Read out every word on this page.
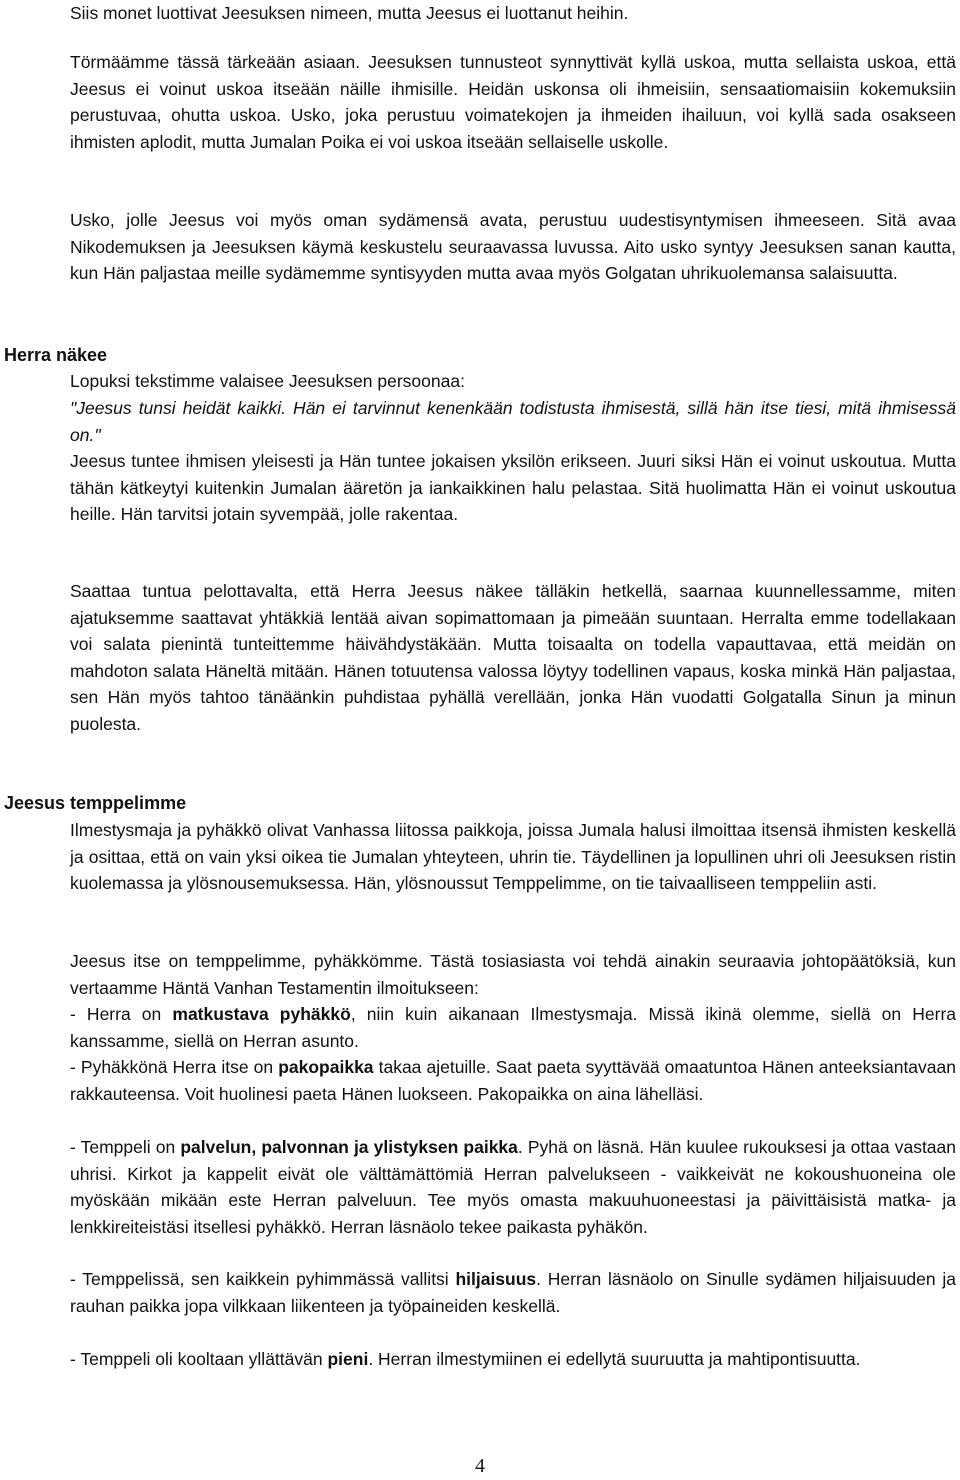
Siis monet luottivat Jeesuksen nimeen, mutta Jeesus ei luottanut heihin.

Törmäämme tässä tärkeään asiaan. Jeesuksen tunnusteot synnyttivät kyllä uskoa, mutta sellaista uskoa, että Jeesus ei voinut uskoa itseään näille ihmisille. Heidän uskonsa oli ihmeisiin, sensaatiomaisiin kokemuksiin perustuvaa, ohutta uskoa. Usko, joka perustuu voimatekojen ja ihmeiden ihailuun, voi kyllä sada osakseen ihmisten aplodit, mutta Jumalan Poika ei voi uskoa itseään sellaiselle uskolle.

Usko, jolle Jeesus voi myös oman sydämensä avata, perustuu uudestisyntymisen ihmeeseen. Sitä avaa Nikodemuksen ja Jeesuksen käymä keskustelu seuraavassa luvussa. Aito usko syntyy Jeesuksen sanan kautta, kun Hän paljastaa meille sydämemme syntisyyden mutta avaa myös Golgatan uhrikuolemansa salaisuutta.

Herra näkee

Lopuksi tekstimme valaisee Jeesuksen persoonaa:

"Jeesus tunsi heidät kaikki. Hän ei tarvinnut kenenkään todistusta ihmisestä, sillä hän itse tiesi, mitä ihmisessä on."

Jeesus tuntee ihmisen yleisesti ja Hän tuntee jokaisen yksilön erikseen. Juuri siksi Hän ei voinut uskoutua. Mutta tähän kätkeytyi kuitenkin Jumalan ääretön ja iankaikkinen halu pelastaa. Sitä huolimatta Hän ei voinut uskoutua heille. Hän tarvitsi jotain syvempää, jolle rakentaa.

Saattaa tuntua pelottavalta, että Herra Jeesus näkee tälläkin hetkellä, saarnaa kuunnellessamme, miten ajatuksemme saattavat yhtäkkiä lentää aivan sopimattomaan ja pimeään suuntaan. Herralta emme todellakaan voi salata pienintä tunteittemme häivähdystäkään. Mutta toisaalta on todella vapauttavaa, että meidän on mahdoton salata Häneltä mitään. Hänen totuutensa valossa löytyy todellinen vapaus, koska minkä Hän paljastaa, sen Hän myös tahtoo tänäänkin puhdistaa pyhällä verellään, jonka Hän vuodatti Golgatalla Sinun ja minun puolesta.

Jeesus temppelimme

Ilmestysmaja ja pyhäkkö olivat Vanhassa liitossa paikkoja, joissa Jumala halusi ilmoittaa itsensä ihmisten keskellä ja osittaa, että on vain yksi oikea tie Jumalan yhteyteen, uhrin tie. Täydellinen ja lopullinen uhri oli Jeesuksen ristin kuolemassa ja ylösnousemuksessa. Hän, ylösnoussut Temppelimme, on tie taivaalliseen temppeliin asti.

Jeesus itse on temppelimme, pyhäkkömme. Tästä tosiasiasta voi tehdä ainakin seuraavia johtopäätöksiä, kun vertaamme Häntä Vanhan Testamentin ilmoitukseen:

- Herra on matkustava pyhäkkö, niin kuin aikanaan Ilmestysmaja. Missä ikinä olemme, siellä on Herra kanssamme, siellä on Herran asunto.

- Pyhäkkönä Herra itse on pakopaikka takaa ajetuille. Saat paeta syyttävää omaatuntoa Hänen anteeksiantavaan rakkauteensa. Voit huolinesi paeta Hänen luokseen. Pakopaikka on aina lähelläsi.

- Temppeli on palvelun, palvonnan ja ylistyksen paikka. Pyhä on läsnä. Hän kuulee rukouksesi ja ottaa vastaan uhrisi. Kirkot ja kappelit eivät ole välttämättömiä Herran palvelukseen - vaikkeivät ne kokoushuoneina ole myöskään mikään este Herran palveluun. Tee myös omasta makuuhuoneestasi ja päivittäisistä matka- ja lenkkireiteistäsi itsellesi pyhäkkö. Herran läsnäolo tekee paikasta pyhäkön.

- Temppelissä, sen kaikkein pyhimmässä vallitsi hiljaisuus. Herran läsnäolo on Sinulle sydämen hiljaisuuden ja rauhan paikka jopa vilkkaan liikenteen ja työpaineiden keskellä.

- Temppeli oli kooltaan yllättävän pieni. Herran ilmestymiinen ei edellytä suuruutta ja mahtipontisuutta.

4
